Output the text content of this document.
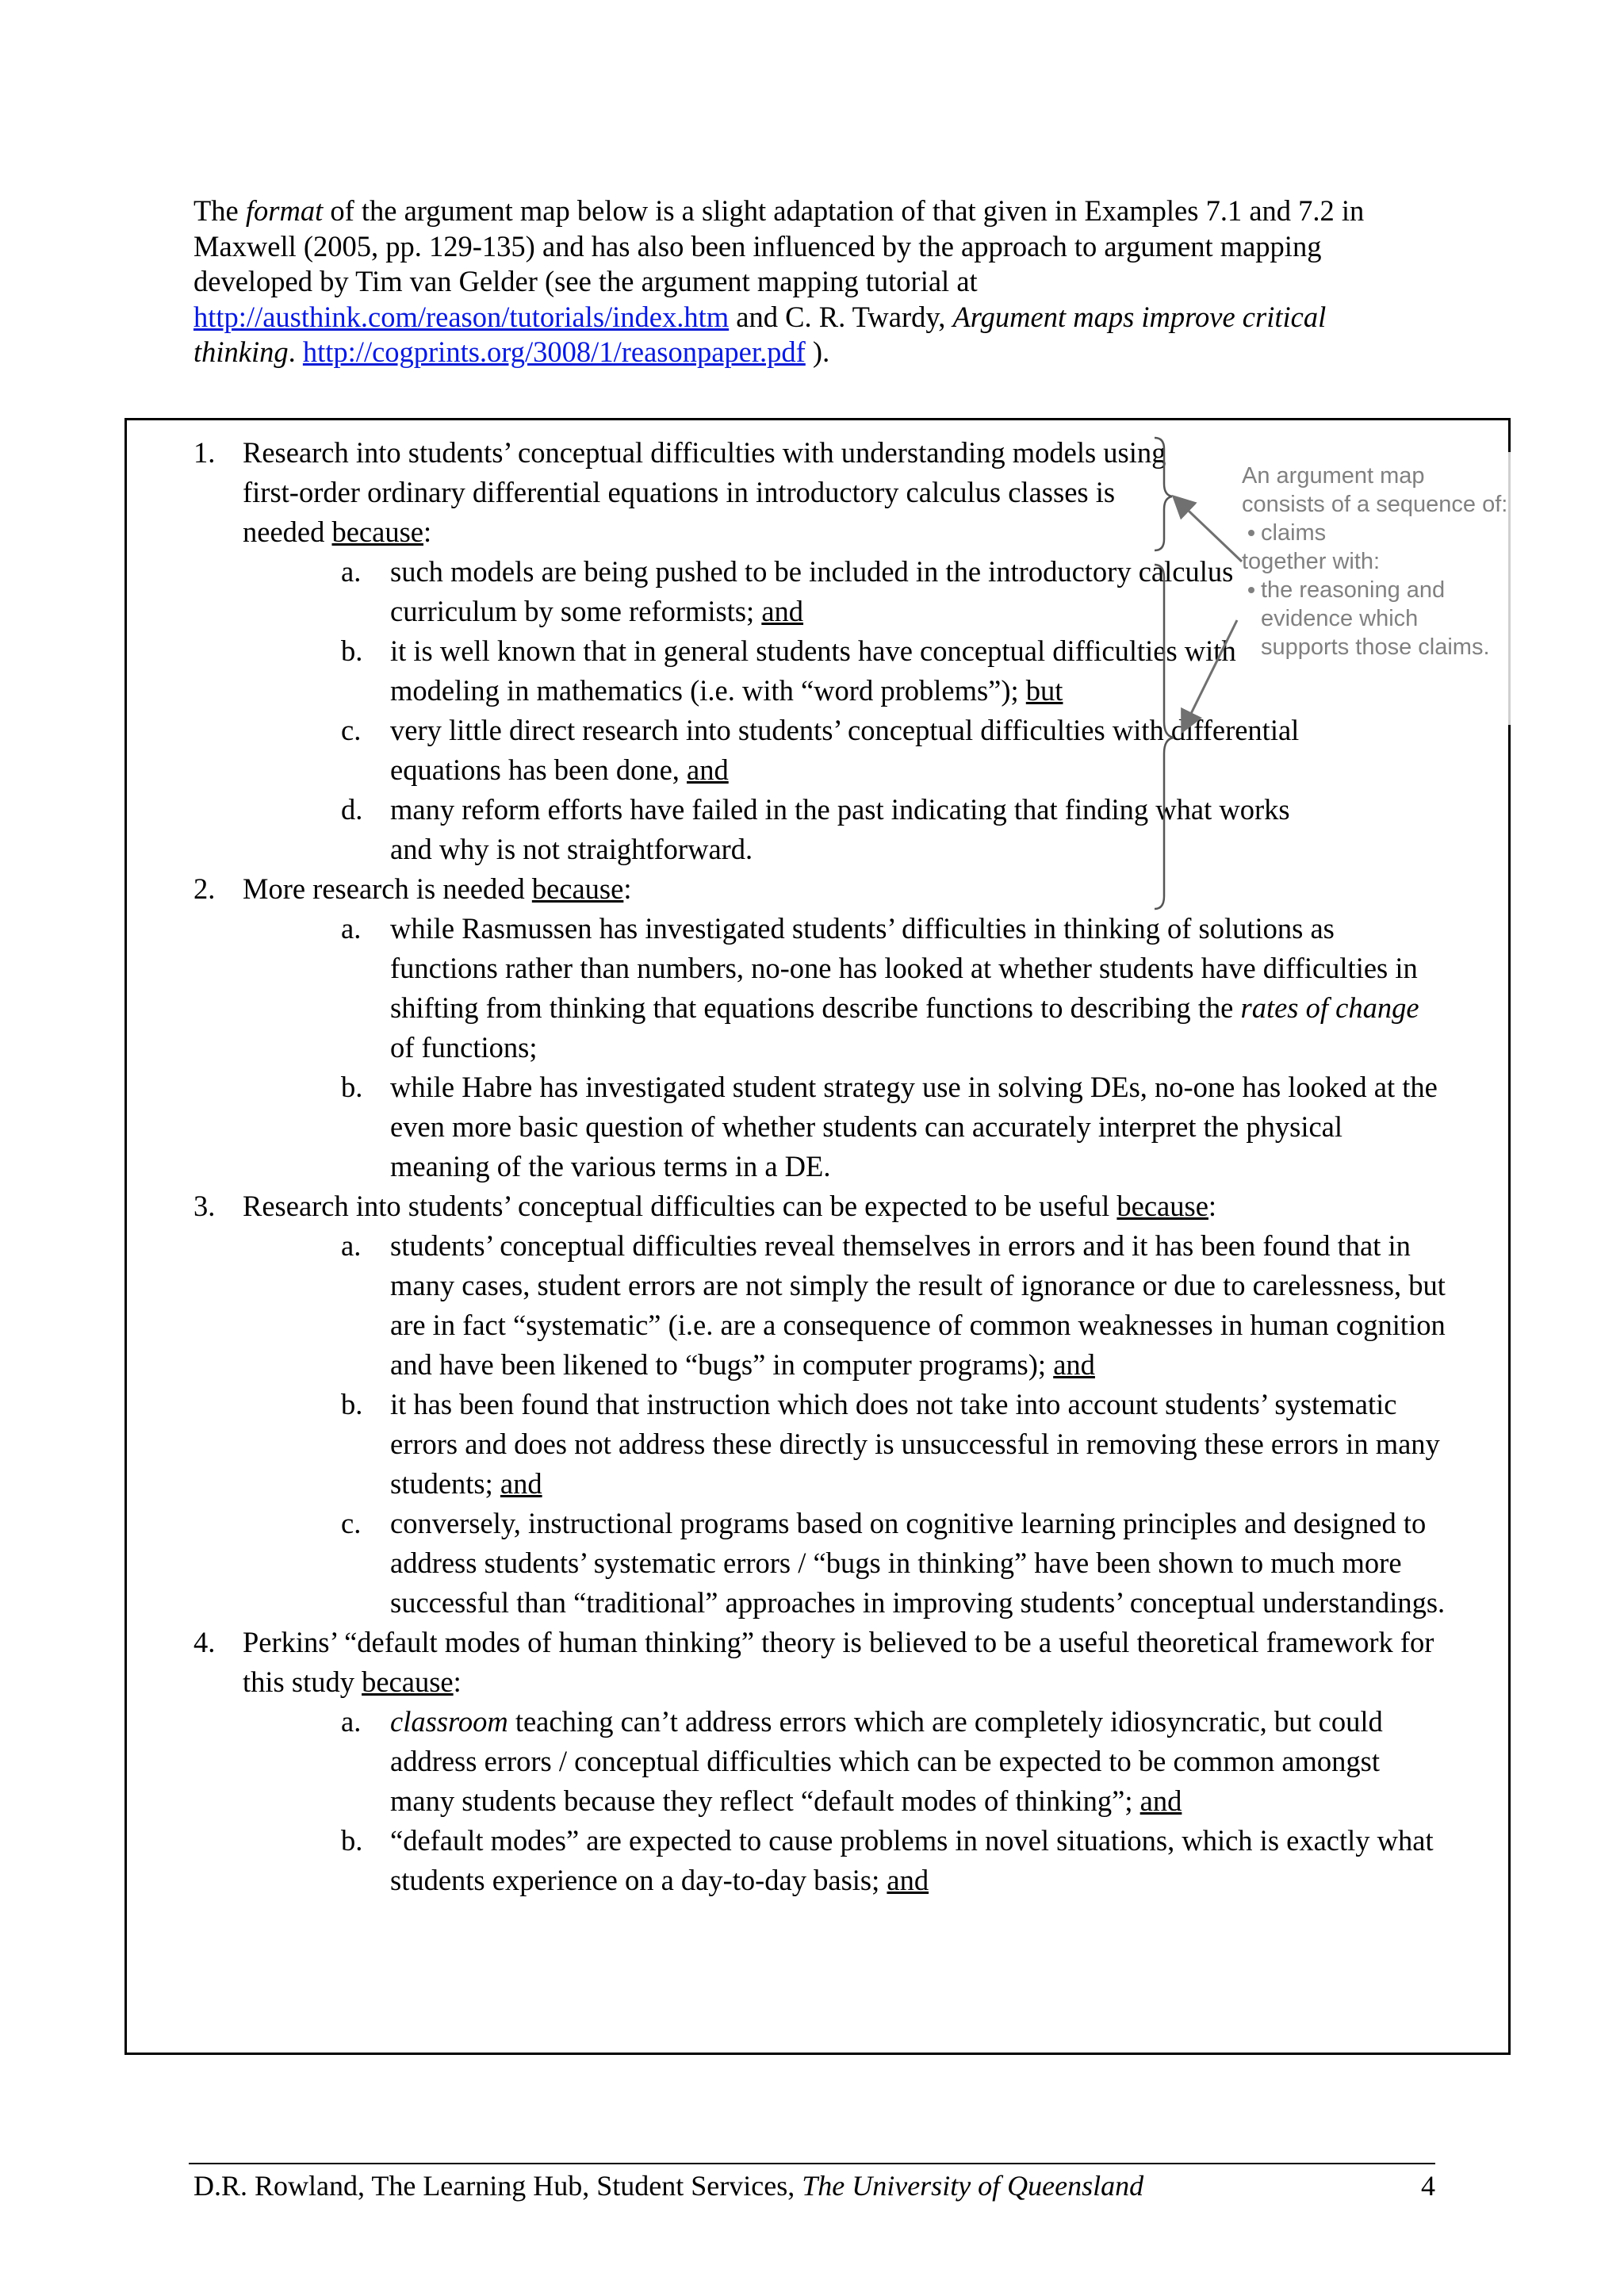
The format of the argument map below is a slight adaptation of that given in Examples 7.1 and 7.2 in Maxwell (2005, pp. 129-135) and has also been influenced by the approach to argument mapping developed by Tim van Gelder (see the argument mapping tutorial at http://austhink.com/reason/tutorials/index.htm and C. R. Twardy, Argument maps improve critical thinking. http://cogprints.org/3008/1/reasonpaper.pdf ).

1. Research into students’ conceptual difficulties with understanding models using first-order ordinary differential equations in introductory calculus classes is needed because:
a. such models are being pushed to be included in the introductory calculus curriculum by some reformists; and
b. it is well known that in general students have conceptual difficulties with modeling in mathematics (i.e. with “word problems”); but
c. very little direct research into students’ conceptual difficulties with differential equations has been done, and
d. many reform efforts have failed in the past indicating that finding what works and why is not straightforward.
2. More research is needed because:
a. while Rasmussen has investigated students’ difficulties in thinking of solutions as functions rather than numbers, no-one has looked at whether students have difficulties in shifting from thinking that equations describe functions to describing the rates of change of functions;
b. while Habre has investigated student strategy use in solving DEs, no-one has looked at the even more basic question of whether students can accurately interpret the physical meaning of the various terms in a DE.
3. Research into students’ conceptual difficulties can be expected to be useful because:
a. students’ conceptual difficulties reveal themselves in errors and it has been found that in many cases, student errors are not simply the result of ignorance or due to carelessness, but are in fact “systematic” (i.e. are a consequence of common weaknesses in human cognition and have been likened to “bugs” in computer programs); and
b. it has been found that instruction which does not take into account students’ systematic errors and does not address these directly is unsuccessful in removing these errors in many students; and
c. conversely, instructional programs based on cognitive learning principles and designed to address students’ systematic errors / “bugs in thinking” have been shown to much more successful than “traditional” approaches in improving students’ conceptual understandings.
4. Perkins’ “default modes of human thinking” theory is believed to be a useful theoretical framework for this study because:
a. classroom teaching can’t address errors which are completely idiosyncratic, but could address errors / conceptual difficulties which can be expected to be common amongst many students because they reflect “default modes of thinking”; and
b. “default modes” are expected to cause problems in novel situations, which is exactly what students experience on a day-to-day basis; and

An argument map consists of a sequence of:

claims

together with:

the reasoning and evidence which supports those claims.

D.R. Rowland, The Learning Hub, Student Services, The University of Queensland	4
